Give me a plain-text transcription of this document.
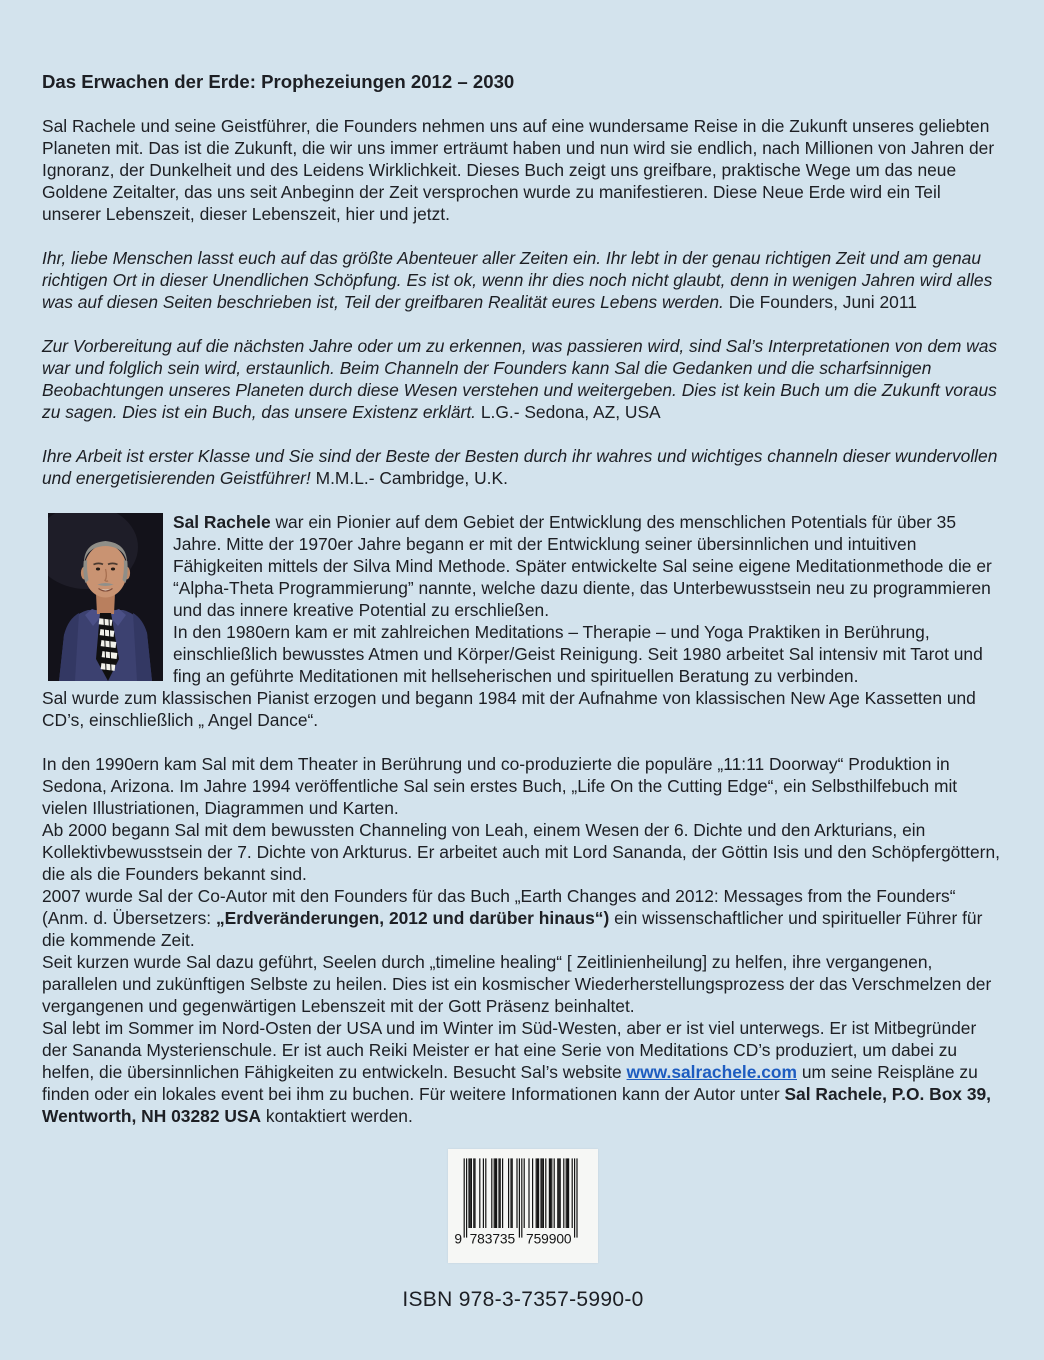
Das Erwachen der Erde: Prophezeiungen 2012 – 2030

Sal Rachele und seine Geistführer, die Founders nehmen uns auf eine wundersame Reise in die Zukunft unseres geliebten Planeten mit. Das ist die Zukunft, die wir uns immer erträumt haben und nun wird sie endlich, nach Millionen von Jahren der Ignoranz, der Dunkelheit und des Leidens Wirklichkeit. Dieses Buch zeigt uns greifbare, praktische Wege um das neue Goldene Zeitalter, das uns seit Anbeginn der Zeit versprochen wurde zu manifestieren. Diese Neue Erde wird ein Teil unserer Lebenszeit, dieser Lebenszeit, hier und jetzt.

Ihr, liebe Menschen lasst euch auf das größte Abenteuer aller Zeiten ein. Ihr lebt in der genau richtigen Zeit und am genau richtigen Ort in dieser Unendlichen Schöpfung. Es ist ok, wenn ihr dies noch nicht glaubt, denn in wenigen Jahren wird alles was auf diesen Seiten beschrieben ist, Teil der greifbaren Realität eures Lebens werden. Die Founders, Juni 2011

Zur Vorbereitung auf die nächsten Jahre oder um zu erkennen, was passieren wird, sind Sal’s Interpretationen von dem was war und folglich sein wird, erstaunlich. Beim Channeln der Founders kann Sal die Gedanken und die scharfsinnigen Beobachtungen unseres Planeten durch diese Wesen verstehen und weitergeben. Dies ist kein Buch um die Zukunft voraus zu sagen. Dies ist ein Buch, das unsere Existenz erklärt. L.G.- Sedona, AZ, USA

Ihre Arbeit ist erster Klasse und Sie sind der Beste der Besten durch ihr wahres und wichtiges channeln dieser wundervollen und energetisierenden Geistführer! M.M.L.- Cambridge, U.K.

Sal Rachele war ein Pionier auf dem Gebiet der Entwicklung des menschlichen Potentials für über 35 Jahre. Mitte der 1970er Jahre begann er mit der Entwicklung seiner übersinnlichen und intuitiven Fähigkeiten mittels der Silva Mind Methode. Später entwickelte Sal seine eigene Meditationmethode die er “Alpha-Theta Programmierung” nannte, welche dazu diente, das Unterbewusstsein neu zu programmieren und das innere kreative Potential zu erschließen.
In den 1980ern kam er mit zahlreichen Meditations – Therapie – und Yoga Praktiken in Berührung, einschließlich bewusstes Atmen und Körper/Geist Reinigung. Seit 1980 arbeitet Sal intensiv mit Tarot und fing an geführte Meditationen mit hellseherischen und spirituellen Beratung zu verbinden.
Sal wurde zum klassischen Pianist erzogen und begann 1984 mit der Aufnahme von klassischen New Age Kassetten und CD’s, einschließlich „ Angel Dance“.

In den 1990ern kam Sal mit dem Theater in Berührung und co-produzierte die populäre „11:11 Doorway“ Produktion in Sedona, Arizona. Im Jahre 1994 veröffentliche Sal sein erstes Buch, „Life On the Cutting Edge“, ein Selbsthilfebuch mit vielen Illustriationen, Diagrammen und Karten.
Ab 2000 begann Sal mit dem bewussten Channeling von Leah, einem Wesen der 6. Dichte und den Arkturians, ein Kollektivbewusstsein der 7. Dichte von Arkturus. Er arbeitet auch mit Lord Sananda, der Göttin Isis und den Schöpfergöttern, die als die Founders bekannt sind.
2007 wurde Sal der Co-Autor mit den Founders für das Buch „Earth Changes and 2012: Messages from the Founders“ (Anm. d. Übersetzers: „Erdveränderungen, 2012 und darüber hinaus“) ein wissenschaftlicher und spiritueller Führer für die kommende Zeit.
Seit kurzen wurde Sal dazu geführt, Seelen durch „timeline healing“ [ Zeitlinienheilung] zu helfen, ihre vergangenen, parallelen und zukünftigen Selbste zu heilen. Dies ist ein kosmischer Wiederherstellungsprozess der das Verschmelzen der vergangenen und gegenwärtigen Lebenszeit mit der Gott Präsenz beinhaltet.
Sal lebt im Sommer im Nord-Osten der USA und im Winter im Süd-Westen, aber er ist viel unterwegs. Er ist Mitbegründer der Sananda Mysterienschule. Er ist auch Reiki Meister er hat eine Serie von Meditations CD’s produziert, um dabei zu helfen, die übersinnlichen Fähigkeiten zu entwickeln. Besucht Sal’s website www.salrachele.com um seine Reispläne zu finden oder ein lokales event bei ihm zu buchen. Für weitere Informationen kann der Autor unter Sal Rachele, P.O. Box 39, Wentworth, NH 03282 USA kontaktiert werden.

9 783735 759900
ISBN 978-3-7357-5990-0
